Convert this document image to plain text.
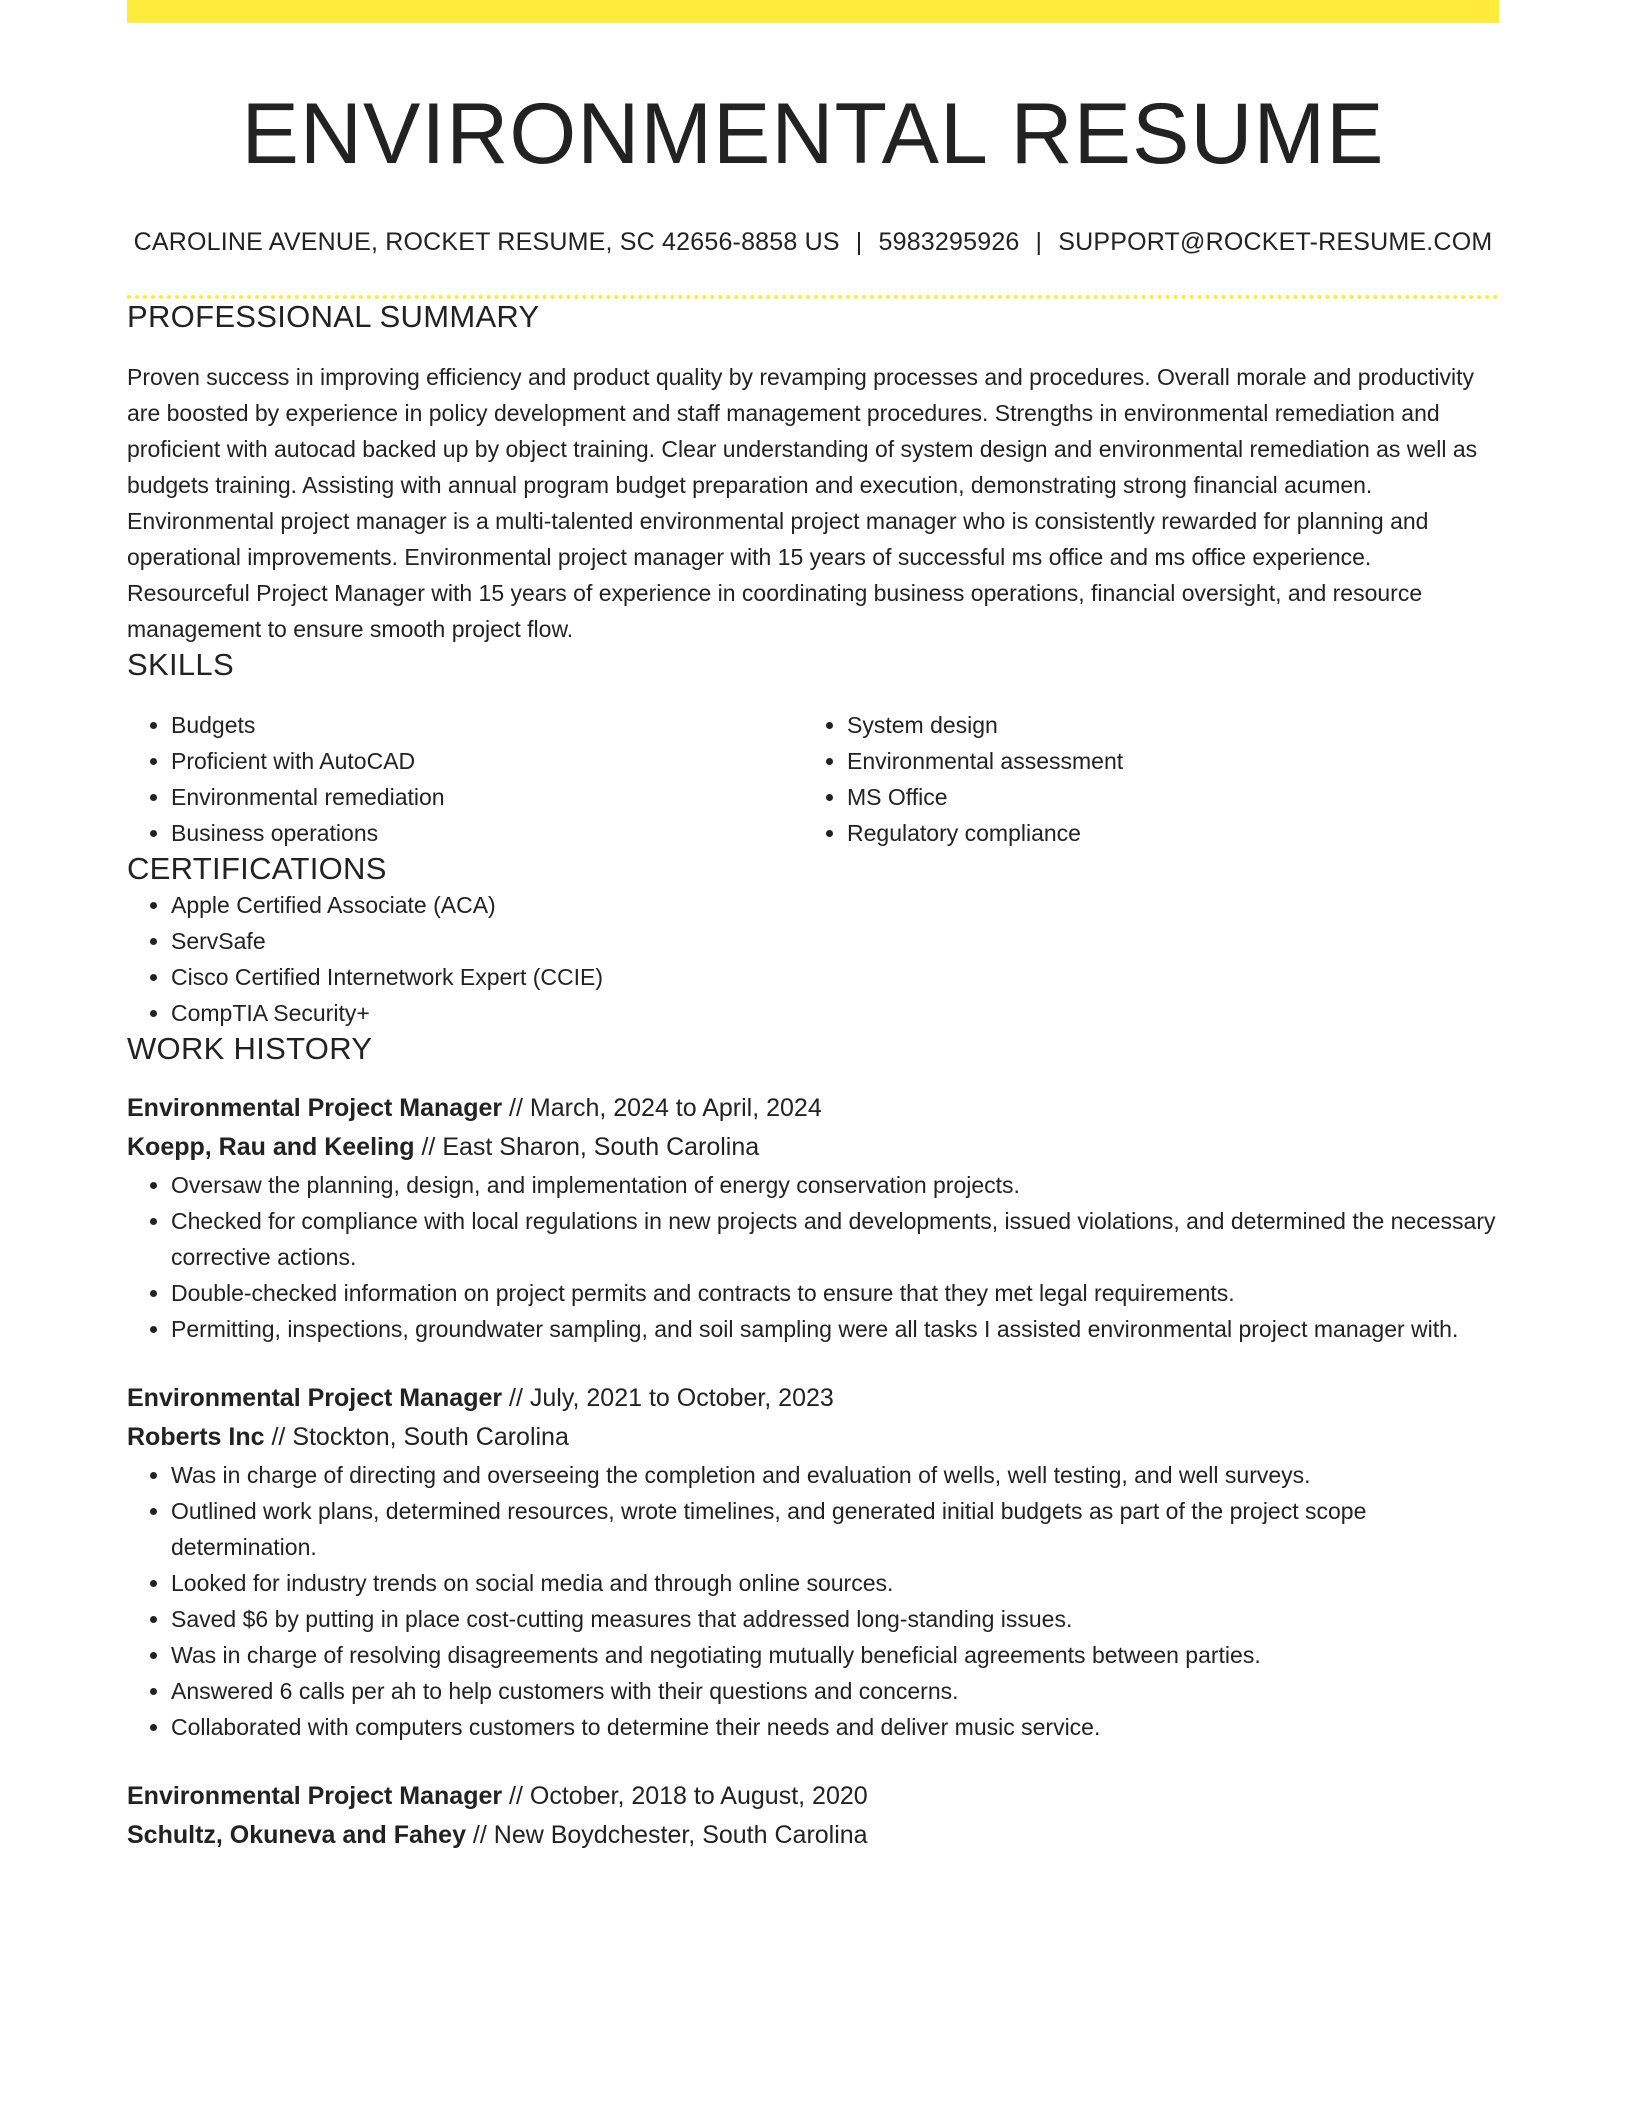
ENVIRONMENTAL RESUME
CAROLINE AVENUE, ROCKET RESUME, SC 42656-8858 US | 5983295926 | SUPPORT@ROCKET-RESUME.COM
PROFESSIONAL SUMMARY

Proven success in improving efficiency and product quality by revamping processes and procedures. Overall morale and productivity are boosted by experience in policy development and staff management procedures. Strengths in environmental remediation and proficient with autocad backed up by object training. Clear understanding of system design and environmental remediation as well as budgets training. Assisting with annual program budget preparation and execution, demonstrating strong financial acumen. Environmental project manager is a multi-talented environmental project manager who is consistently rewarded for planning and operational improvements. Environmental project manager with 15 years of successful ms office and ms office experience. Resourceful Project Manager with 15 years of experience in coordinating business operations, financial oversight, and resource management to ensure smooth project flow.

SKILLS
• Budgets
• Proficient with AutoCAD
• Environmental remediation
• Business operations
• System design
• Environmental assessment
• MS Office
• Regulatory compliance
CERTIFICATIONS
• Apple Certified Associate (ACA)
• ServSafe
• Cisco Certified Internetwork Expert (CCIE)
• CompTIA Security+
WORK HISTORY
Environmental Project Manager // March, 2024 to April, 2024
Koepp, Rau and Keeling // East Sharon, South Carolina
• Oversaw the planning, design, and implementation of energy conservation projects.
• Checked for compliance with local regulations in new projects and developments, issued violations, and determined the necessary corrective actions.
• Double-checked information on project permits and contracts to ensure that they met legal requirements.
• Permitting, inspections, groundwater sampling, and soil sampling were all tasks I assisted environmental project manager with.
Environmental Project Manager // July, 2021 to October, 2023
Roberts Inc // Stockton, South Carolina
• Was in charge of directing and overseeing the completion and evaluation of wells, well testing, and well surveys.
• Outlined work plans, determined resources, wrote timelines, and generated initial budgets as part of the project scope determination.
• Looked for industry trends on social media and through online sources.
• Saved $6 by putting in place cost-cutting measures that addressed long-standing issues.
• Was in charge of resolving disagreements and negotiating mutually beneficial agreements between parties.
• Answered 6 calls per ah to help customers with their questions and concerns.
• Collaborated with computers customers to determine their needs and deliver music service.
Environmental Project Manager // October, 2018 to August, 2020
Schultz, Okuneva and Fahey // New Boydchester, South Carolina
